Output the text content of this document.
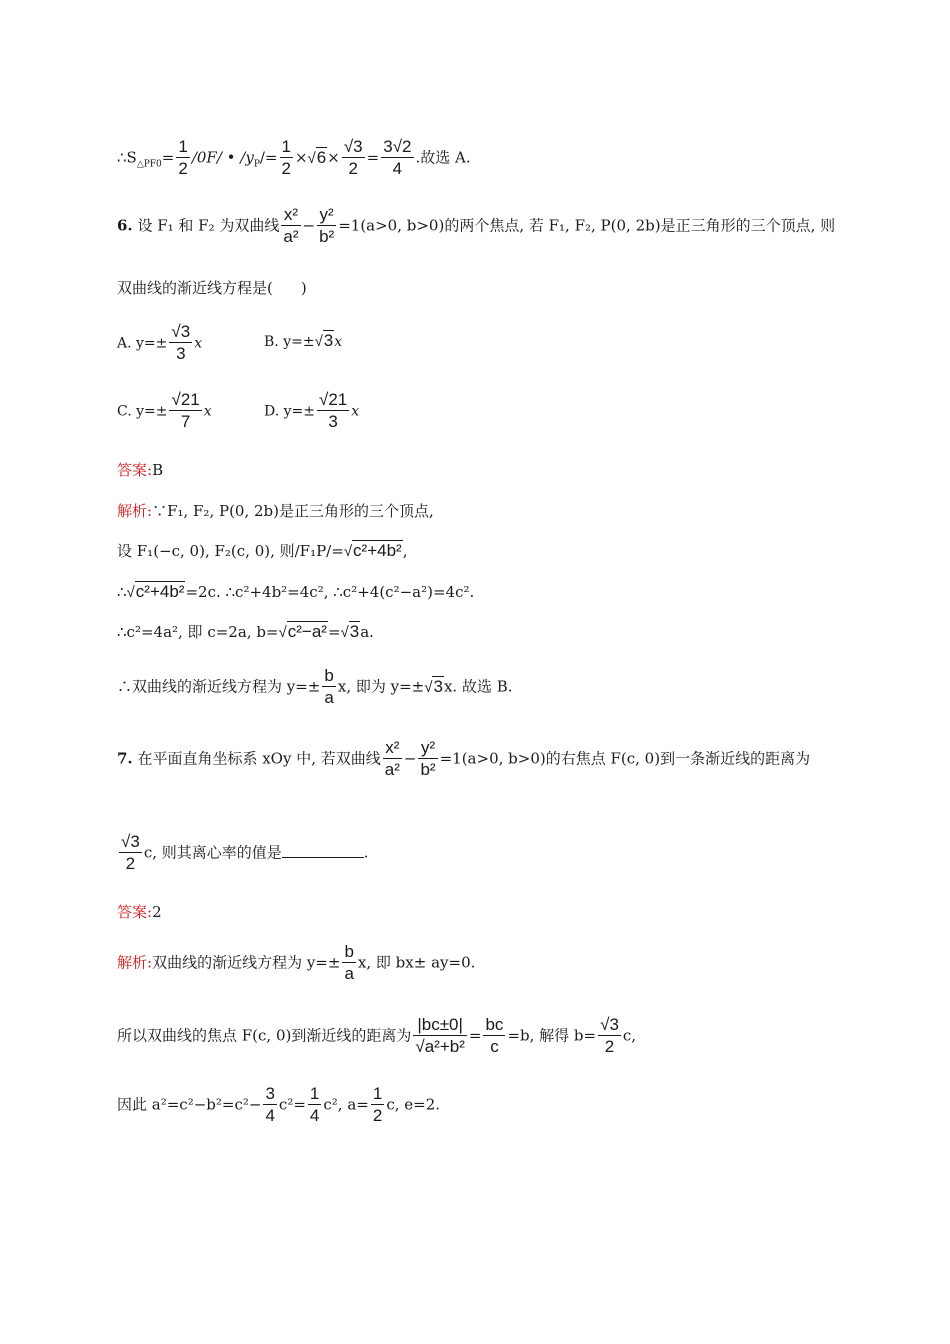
$\therefore S_{\triangle PF0}= \frac{1}{2} /0F/$ • $/y_P/= \frac{1}{2} \times√6\times \frac{√3}{2} = \frac{3√2}{4}$ .故选 A.
6. 设 F₁ 和 F₂ 为双曲线 $\frac{\text{x²}}{\text{a²}} - \frac{\text{y²}}{\text{b²}} =1(a>0$, b>0)的两个焦点, 若 F₁, F₂, P(0, 2b)是正三角形的三个顶点, 则
双曲线的渐近线方程是( )
A. $y=\pm \frac{√3}{3}$ x	B. y=±√3x
C. $y=\pm \frac{√21}{7}$ x	D. $y=\pm \frac{√21}{3}$ x
答案:B
解析:∵F₁, F₂, P(0, 2b)是正三角形的三个顶点,
设 F₁(−c, 0), F₂(c, 0), 则/F₁P/=√c²+4b²,
∴√c²+4b²=2c. ∴c²+4b²=4c², ∴c²+4(c²−a²)=4c².
∴c²=4a², 即 c=2a, b=√c²−a²=√3a.
∴双曲线的渐近线方程为 $y=\pm \frac{b}{a} x$, 即为 y=±√3x. 故选 B.
7. 在平面直角坐标系 xOy 中, 若双曲线 $\frac{\text{x²}}{\text{a²}} - \frac{\text{y²}}{\text{b²}} =1(a>0$, b>0)的右焦点 F(c, 0)到一条渐近线的距离为
$\frac{√3}{2} c$, 则其离心率的值是	.
答案:2
解析:双曲线的渐近线方程为 $y=\pm \frac{b}{a} x$, 即 bx± ay=0.
所以双曲线的焦点 F(c, 0)到渐近线的距离为 $\frac{|bc\pm 0|}{\text{√a²+b²}} = \frac{bc}{c} =b$, 解得 $b= \frac{√3}{2} c$,
因此 $a^2=c^2-b^2=c^2- \frac{3}{4} c^2= \frac{1}{4} c^2$, $a= \frac{1}{2} c$, e=2.
